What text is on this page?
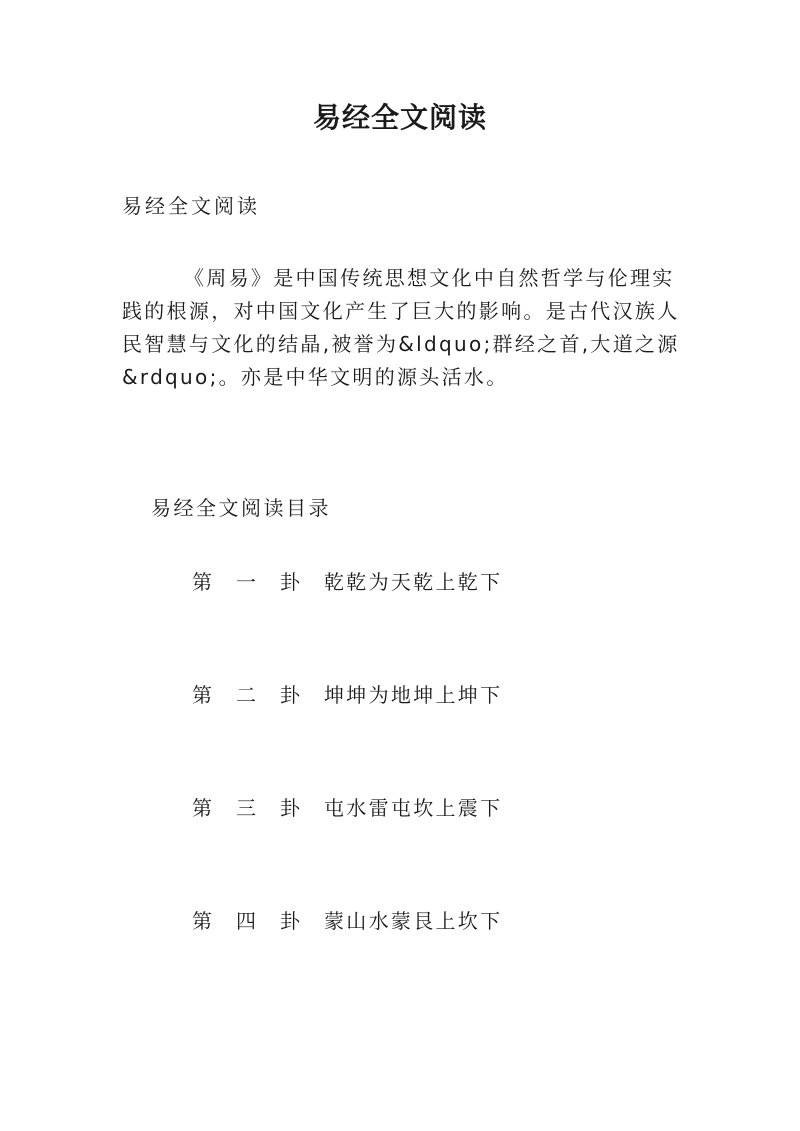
易经全文阅读

易经全文阅读

《周易》是中国传统思想文化中自然哲学与伦理实践的根源，对中国文化产生了巨大的影响。是古代汉族人民智慧与文化的结晶,被誉为&ldquo;群经之首,大道之源&rdquo;。亦是中华文明的源头活水。

易经全文阅读目录

第	一	卦	乾乾为天乾上乾下
第	二	卦	坤坤为地坤上坤下
第	三	卦	屯水雷屯坎上震下
第	四	卦	蒙山水蒙艮上坎下
